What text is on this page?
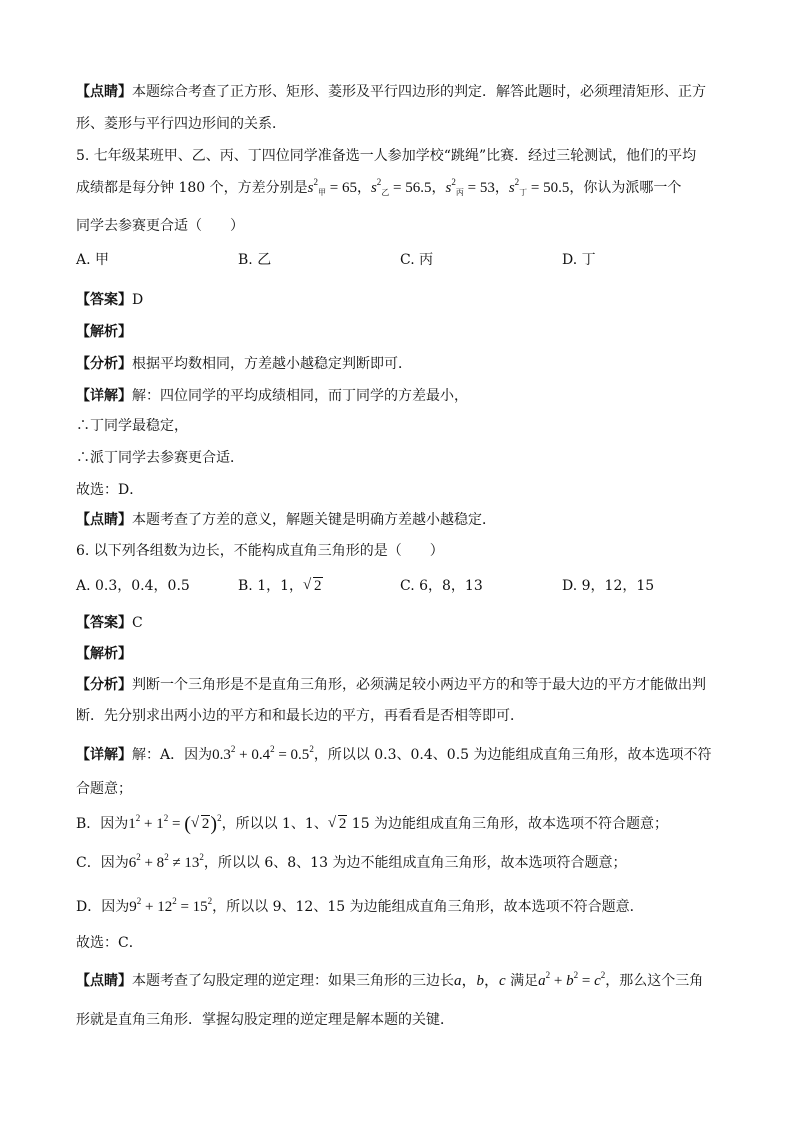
【点睛】本题综合考查了正方形、矩形、菱形及平行四边形的判定．解答此题时，必须理清矩形、正方
形、菱形与平行四边形间的关系．
5. 七年级某班甲、乙、丙、丁四位同学准备选一人参加学校“跳绳”比赛．经过三轮测试，他们的平均
成绩都是每分钟 180 个，方差分别是$s^2_甲 = 65$，$s^2_乙 = 56.5$，$s^2_丙 = 53$，$s^2_丁 = 50.5$，你认为派哪一个
同学去参赛更合适（　　）
A. 甲	B. 乙	C. 丙	D. 丁
【答案】D
【解析】
【分析】根据平均数相同，方差越小越稳定判断即可．
【详解】解：四位同学的平均成绩相同，而丁同学的方差最小，
∴丁同学最稳定，
∴派丁同学去参赛更合适．
故选：D．
【点睛】本题考查了方差的意义，解题关键是明确方差越小越稳定．
6. 以下列各组数为边长，不能构成直角三角形的是（　　）
A. 0.3，0.4，0.5	B. 1，1， √ 2	C. 6，8，13	D. 9，12，15
【答案】C
【解析】
【分析】判断一个三角形是不是直角三角形，必须满足较小两边平方的和等于最大边的平方才能做出判
断．先分别求出两小边的平方和和最长边的平方，再看看是否相等即可．
【详解】解：A．因为$0.3^2 + 0.4^2 = 0.5^2$，所以以 0.3、0.4、0.5 为边能组成直角三角形，故本选项不符
合题意；
B．因为$1^2 + 1^2$ = ( √ 2)$^2$，所以以 1、1、 √ 2 15 为边能组成直角三角形，故本选项不符合题意；
C．因为$6^2 + 8^2 \ne 13^2$，所以以 6、8、13 为边不能组成直角三角形，故本选项符合题意；
D．因为$9^2 + 12^2 = 15^2$，所以以 9、12、15 为边能组成直角三角形，故本选项不符合题意．
故选：C．
【点睛】本题考查了勾股定理的逆定理：如果三角形的三边长a，b，c 满足$a^2 + b^2 = c^2$，那么这个三角
形就是直角三角形．掌握勾股定理的逆定理是解本题的关键．
